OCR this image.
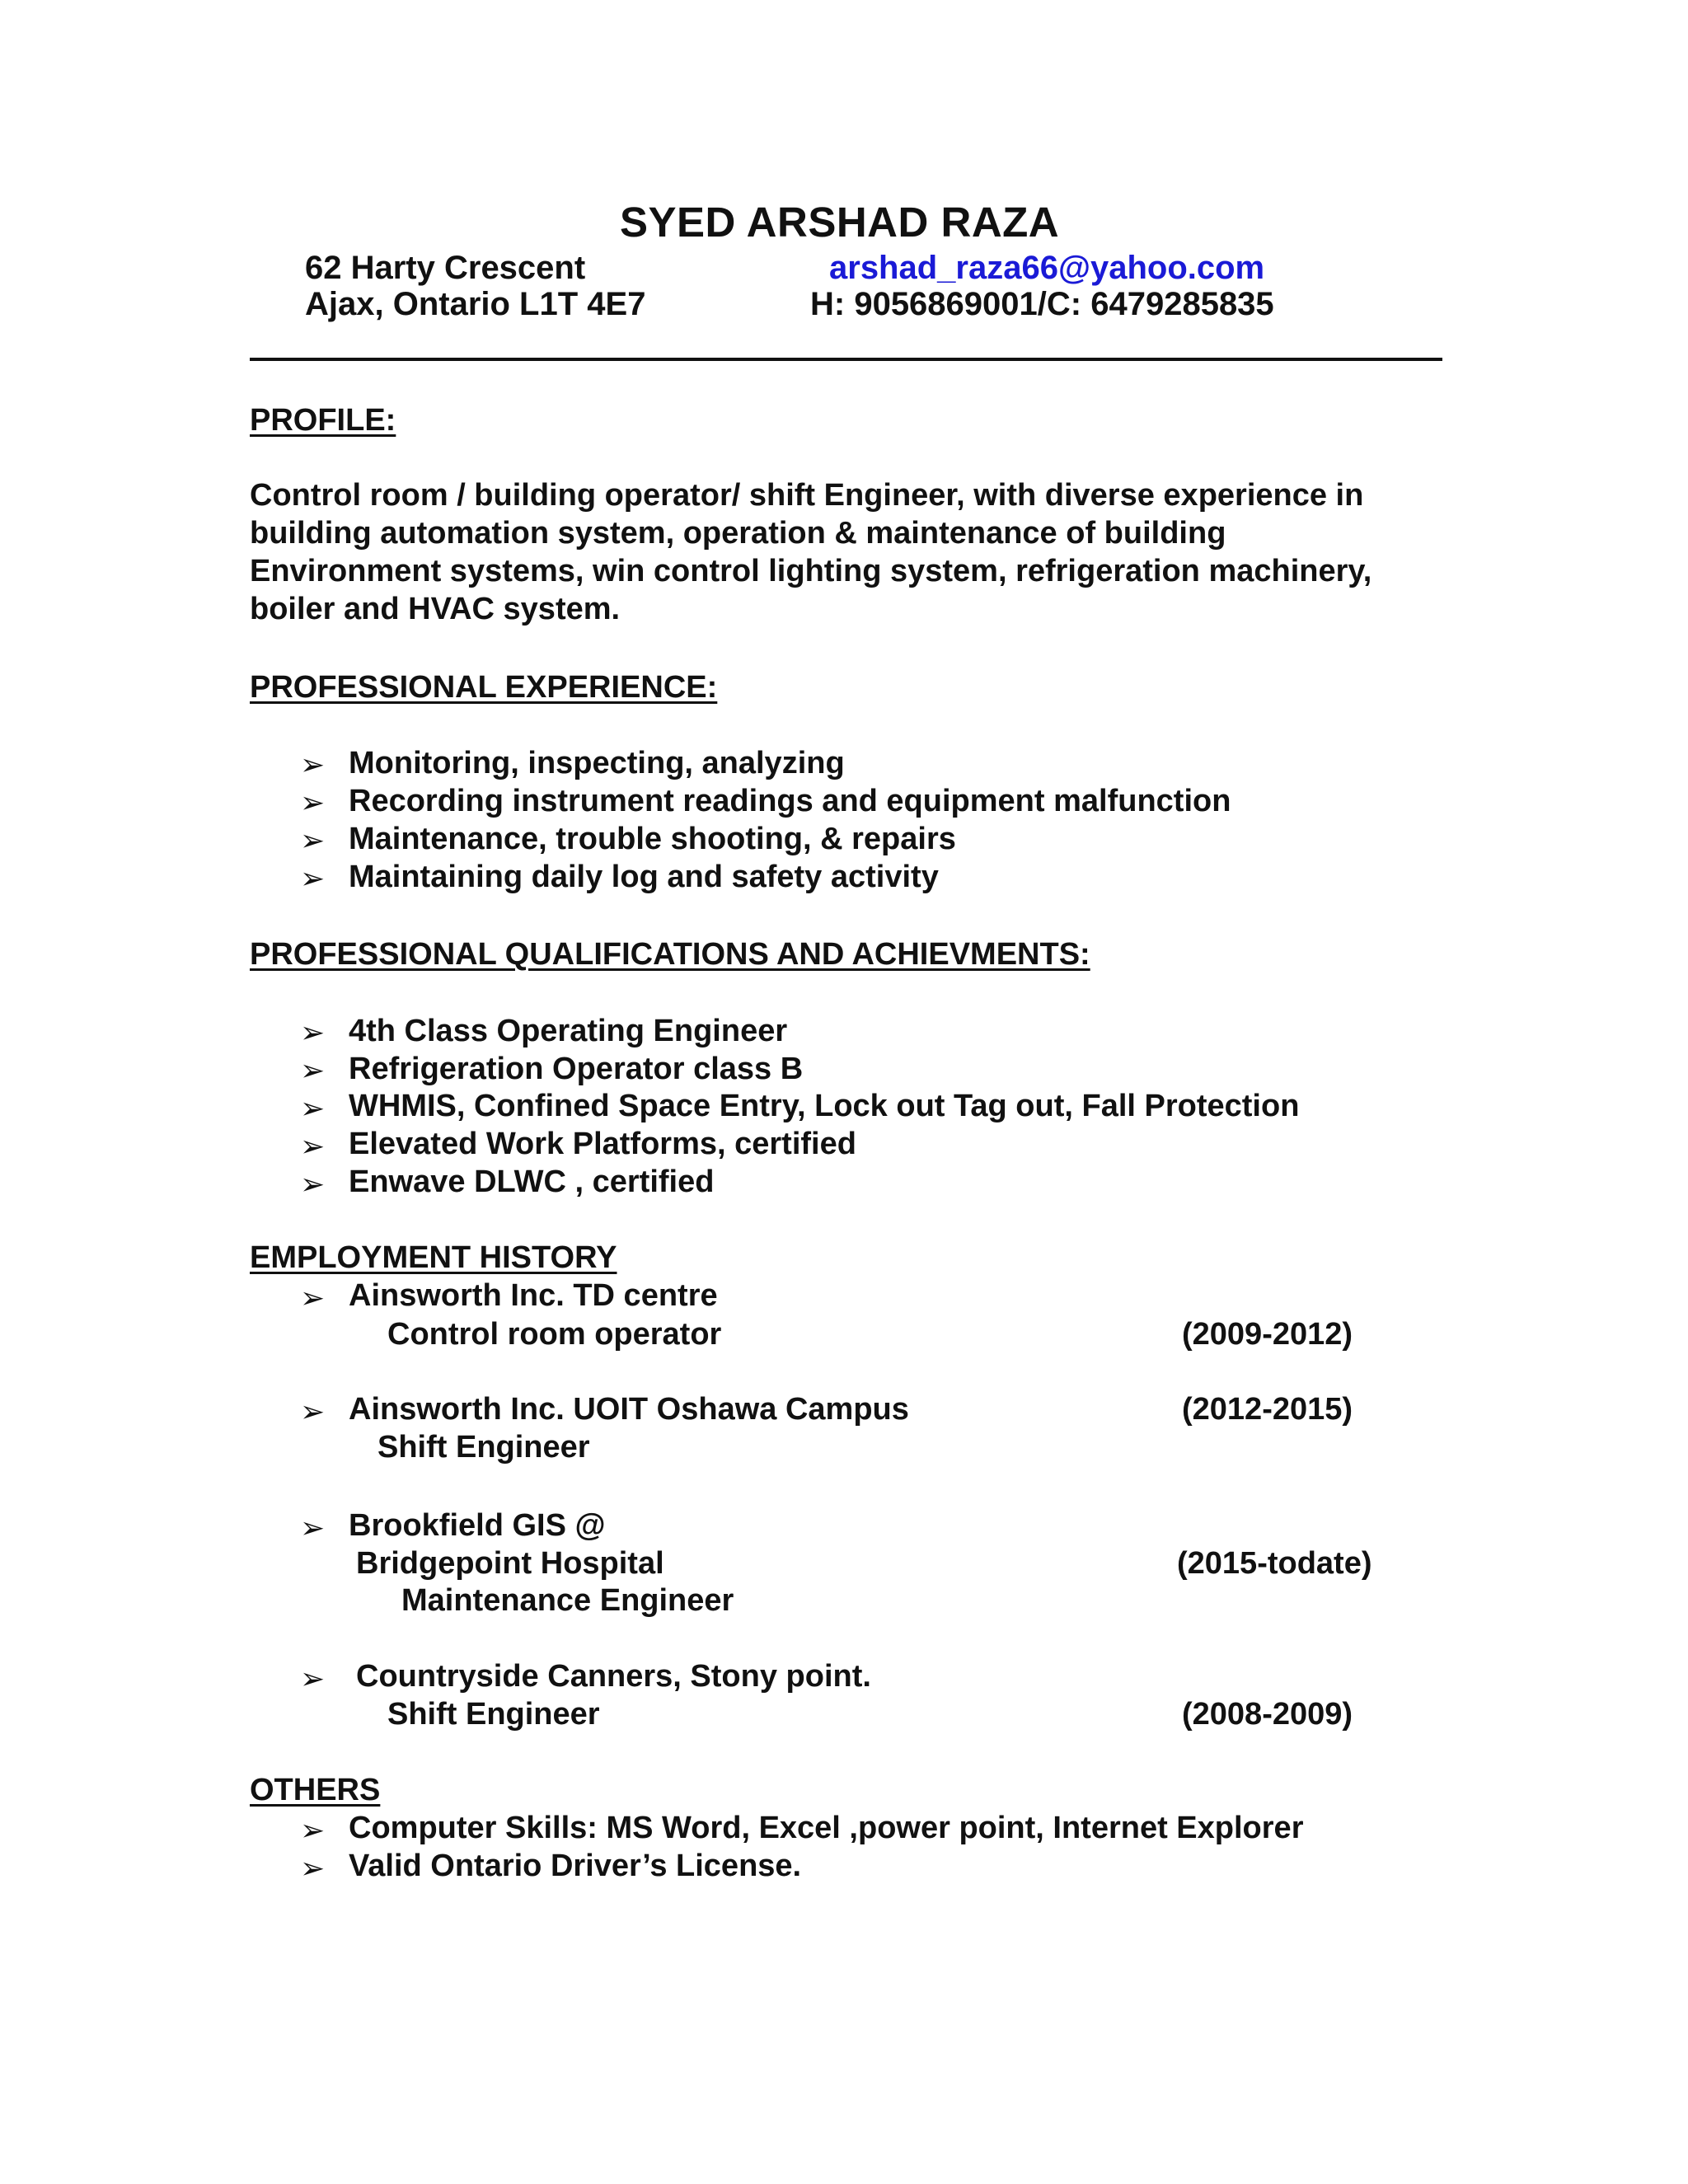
SYED ARSHAD RAZA
62 Harty Crescent
Ajax, Ontario L1T 4E7
arshad_raza66@yahoo.com
H: 9056869001/C: 6479285835
PROFILE:
Control room / building operator/ shift Engineer, with diverse experience in
building automation system, operation & maintenance of building
Environment systems, win control lighting system, refrigeration machinery,
boiler and HVAC system.
PROFESSIONAL EXPERIENCE:
➢ Monitoring, inspecting, analyzing
➢ Recording instrument readings and equipment malfunction
➢ Maintenance, trouble shooting, & repairs
➢ Maintaining daily log and safety activity
PROFESSIONAL QUALIFICATIONS AND ACHIEVMENTS:
➢ 4th Class Operating Engineer
➢ Refrigeration Operator class B
➢ WHMIS, Confined Space Entry, Lock out Tag out, Fall Protection
➢ Elevated Work Platforms, certified
➢ Enwave DLWC , certified
EMPLOYMENT HISTORY
➢ Ainsworth Inc. TD centre
Control room operator	(2009-2012)
➢ Ainsworth Inc. UOIT Oshawa Campus	(2012-2015)
Shift Engineer
➢ Brookfield GIS @
Bridgepoint Hospital	(2015-todate)
Maintenance Engineer
➢ Countryside Canners, Stony point.
Shift Engineer	(2008-2009)
OTHERS
➢ Computer Skills: MS Word, Excel ,power point, Internet Explorer
➢ Valid Ontario Driver’s License.
